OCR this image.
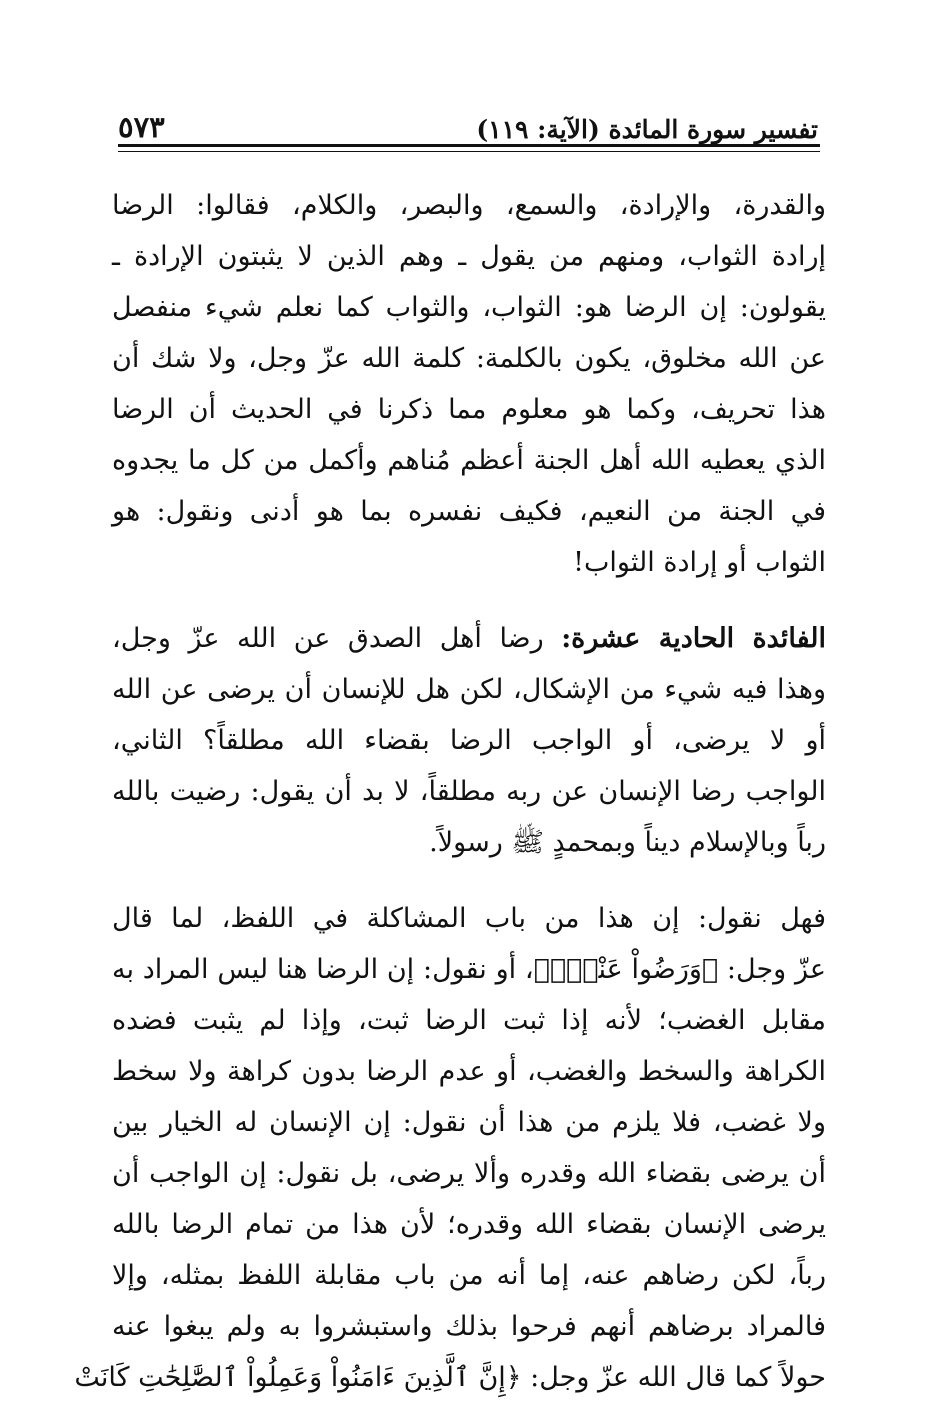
تفسير سورة المائدة (الآية: ١١٩)
٥٧٣
والقدرة، والإرادة، والسمع، والبصر، والكلام، فقالوا: الرضا
إرادة الثواب، ومنهم من يقول ـ وهم الذين لا يثبتون الإرادة ـ
يقولون: إن الرضا هو: الثواب، والثواب كما نعلم شيء منفصل
عن الله مخلوق، يكون بالكلمة: كلمة الله عزّ وجل، ولا شك أن
هذا تحريف، وكما هو معلوم مما ذكرنا في الحديث أن الرضا
الذي يعطيه الله أهل الجنة أعظم مُناهم وأكمل من كل ما يجدوه
في الجنة من النعيم، فكيف نفسره بما هو أدنى ونقول: هو
الثواب أو إرادة الثواب!
الفائدة الحادية عشرة: رضا أهل الصدق عن الله عزّ وجل،
وهذا فيه شيء من الإشكال، لكن هل للإنسان أن يرضى عن الله
أو لا يرضى، أو الواجب الرضا بقضاء الله مطلقاً؟ الثاني،
الواجب رضا الإنسان عن ربه مطلقاً، لا بد أن يقول: رضيت بالله
رباً وبالإسلام ديناً وبمحمدٍ ﷺ رسولاً.
فهل نقول: إن هذا من باب المشاكلة في اللفظ، لما قال
عزّ وجل: ﴿وَرَضُواْ عَنْهُۚ﴾، أو نقول: إن الرضا هنا ليس المراد به
مقابل الغضب؛ لأنه إذا ثبت الرضا ثبت، وإذا لم يثبت فضده
الكراهة والسخط والغضب، أو عدم الرضا بدون كراهة ولا سخط
ولا غضب، فلا يلزم من هذا أن نقول: إن الإنسان له الخيار بين
أن يرضى بقضاء الله وقدره وألا يرضى، بل نقول: إن الواجب أن
يرضى الإنسان بقضاء الله وقدره؛ لأن هذا من تمام الرضا بالله
رباً، لكن رضاهم عنه، إما أنه من باب مقابلة اللفظ بمثله، وإلا
فالمراد برضاهم أنهم فرحوا بذلك واستبشروا به ولم يبغوا عنه
حولاً كما قال الله عزّ وجل: ﴿إِنَّ ٱلَّذِينَ ءَامَنُواْ وَعَمِلُواْ ٱلصَّٰلِحَٰتِ كَانَتْ
